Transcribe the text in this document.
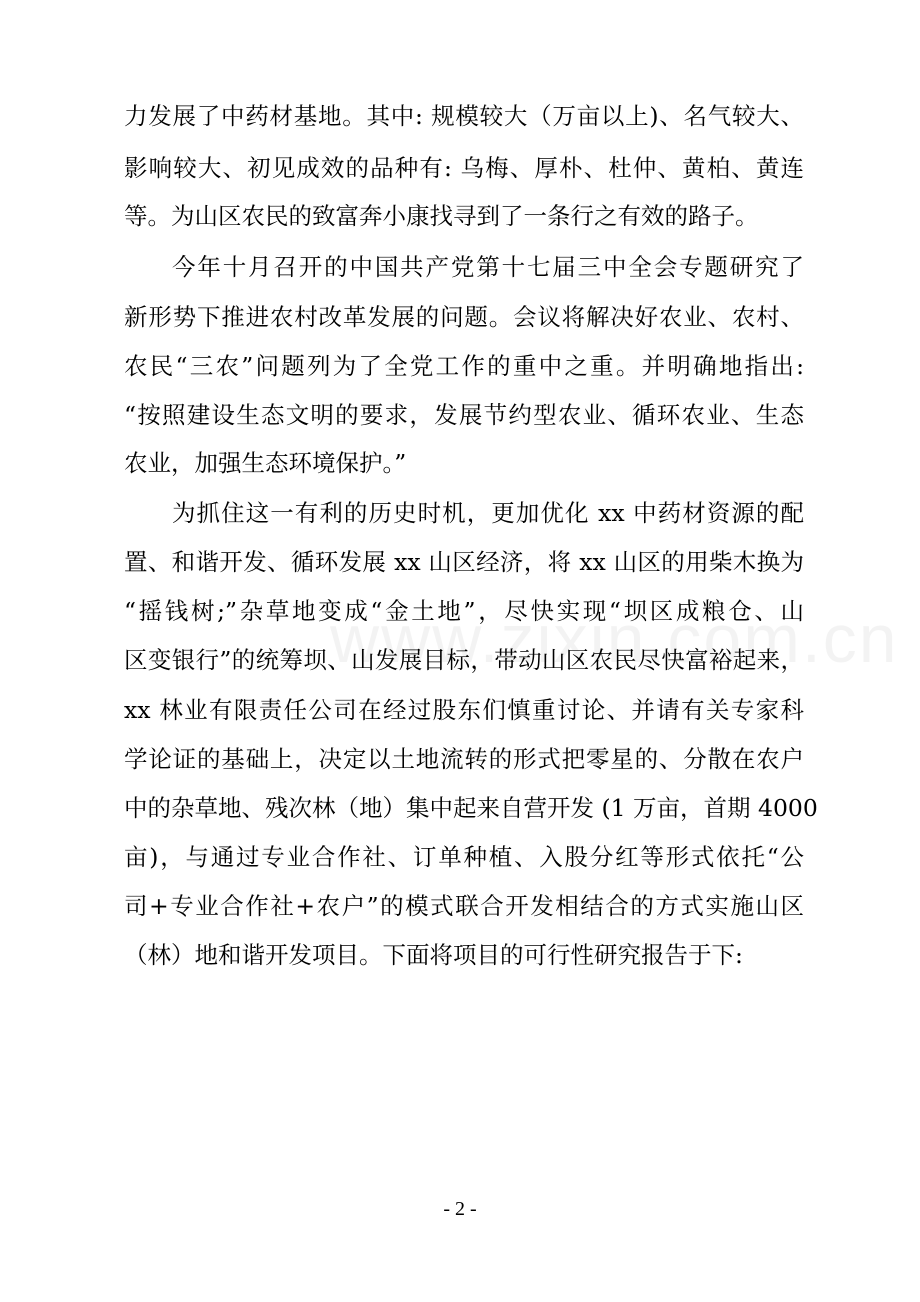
力发展了中药材基地。其中: 规模较大（万亩以上)、名气较大、
影响较大、初见成效的品种有: 乌梅、厚朴、杜仲、黄柏、黄连
等。为山区农民的致富奔小康找寻到了一条行之有效的路子。
今年十月召开的中国共产党第十七届三中全会专题研究了
新形势下推进农村改革发展的问题。会议将解决好农业、农村、
农民“三农”问题列为了全党工作的重中之重。并明确地指出:
“按照建设生态文明的要求，发展节约型农业、循环农业、生态
农业，加强生态环境保护。”
为抓住这一有利的历史时机，更加优化 xx 中药材资源的配
置、和谐开发、循环发展 xx 山区经济，将 xx 山区的用柴木换为
“摇钱树;”杂草地变成“金土地”，尽快实现“坝区成粮仓、山
区变银行”的统筹坝、山发展目标，带动山区农民尽快富裕起来，
xx 林业有限责任公司在经过股东们慎重讨论、并请有关专家科
学论证的基础上，决定以土地流转的形式把零星的、分散在农户
中的杂草地、残次林（地）集中起来自营开发 (1 万亩，首期 4000
亩)，与通过专业合作社、订单种植、入股分红等形式依托“公
司+专业合作社+农户”的模式联合开发相结合的方式实施山区
（林）地和谐开发项目。下面将项目的可行性研究报告于下:
- 2 -
